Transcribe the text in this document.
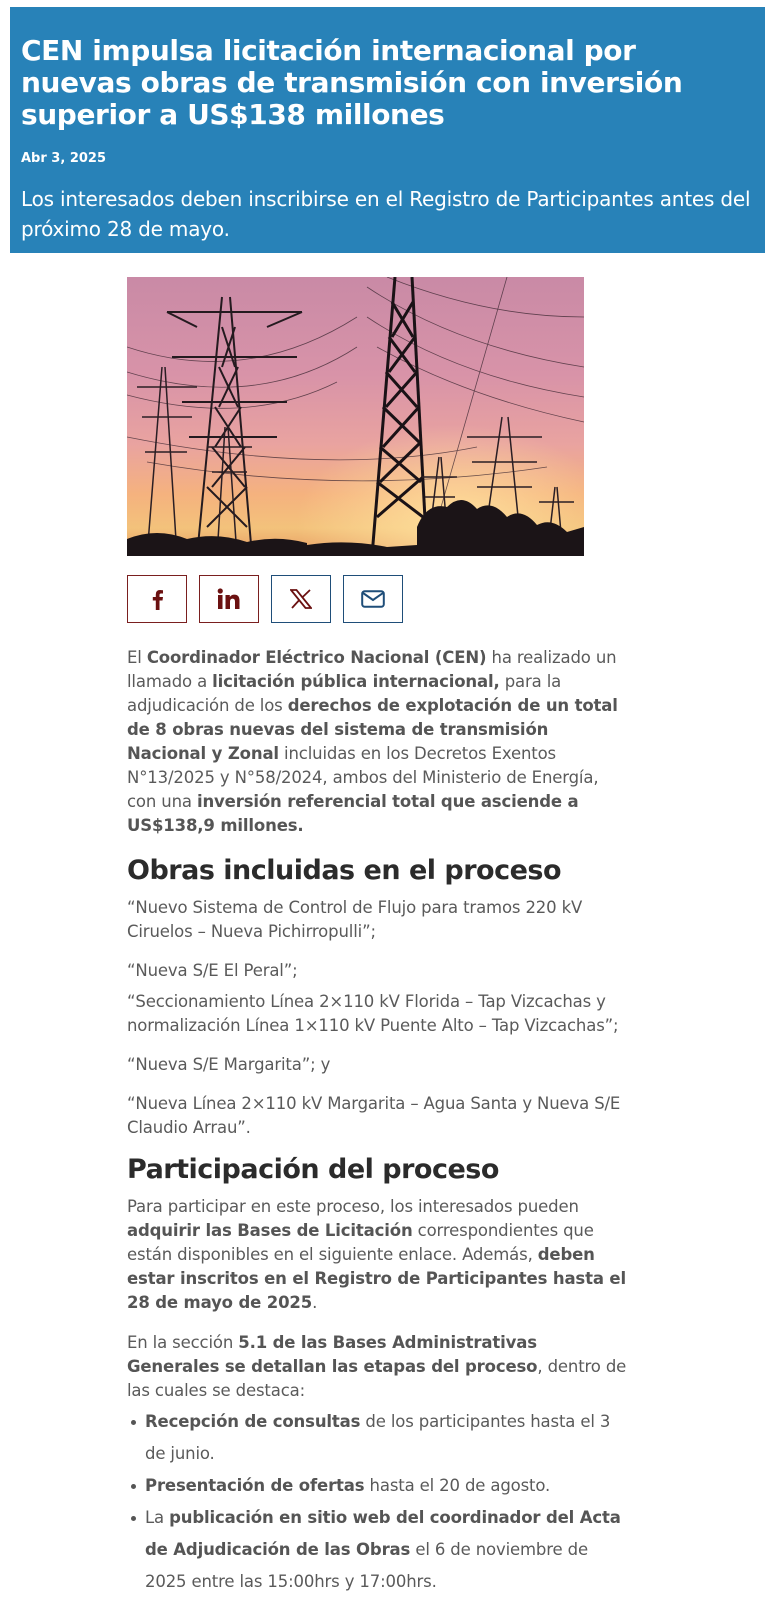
CEN impulsa licitación internacional por nuevas obras de transmisión con inversión superior a US$138 millones
Abr 3, 2025
Los interesados deben inscribirse en el Registro de Participantes antes del próximo 28 de mayo.

El Coordinador Eléctrico Nacional (CEN) ha realizado un llamado a licitación pública internacional, para la adjudicación de los derechos de explotación de un total de 8 obras nuevas del sistema de transmisión Nacional y Zonal incluidas en los Decretos Exentos N°13/2025 y N°58/2024, ambos del Ministerio de Energía, con una inversión referencial total que asciende a US$138,9 millones.

Obras incluidas en el proceso

“Nuevo Sistema de Control de Flujo para tramos 220 kV Ciruelos – Nueva Pichirropulli”;

“Nueva S/E El Peral”;

“Seccionamiento Línea 2×110 kV Florida – Tap Vizcachas y normalización Línea 1×110 kV Puente Alto – Tap Vizcachas”;

“Nueva S/E Margarita”; y

“Nueva Línea 2×110 kV Margarita – Agua Santa y Nueva S/E Claudio Arrau”.

Participación del proceso

Para participar en este proceso, los interesados pueden adquirir las Bases de Licitación correspondientes que están disponibles en el siguiente enlace. Además, deben estar inscritos en el Registro de Participantes hasta el 28 de mayo de 2025.

En la sección 5.1 de las Bases Administrativas Generales se detallan las etapas del proceso, dentro de las cuales se destaca:

Recepción de consultas de los participantes hasta el 3 de junio.
Presentación de ofertas hasta el 20 de agosto.
La publicación en sitio web del coordinador del Acta de Adjudicación de las Obras el 6 de noviembre de 2025 entre las 15:00hrs y 17:00hrs.
